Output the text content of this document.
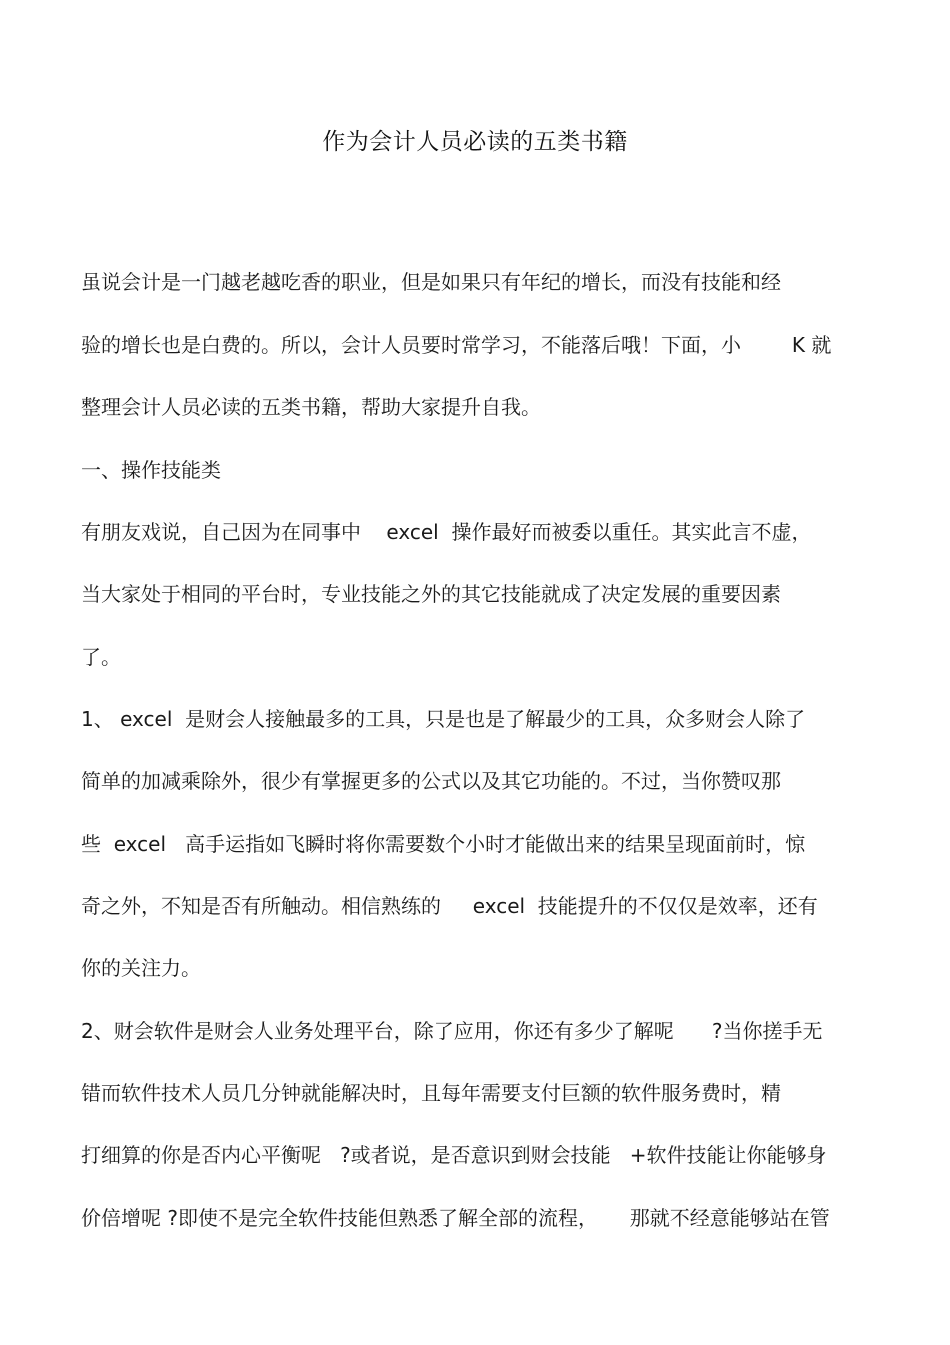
作为会计人员必读的五类书籍
虽说会计是一门越老越吃香的职业，但是如果只有年纪的增长，而没有技能和经
验的增长也是白费的。所以，会计人员要时常学习，不能落后哦！下面，小        K 就
整理会计人员必读的五类书籍，帮助大家提升自我。
一、操作技能类
有朋友戏说，自己因为在同事中    excel  操作最好而被委以重任。其实此言不虚，
当大家处于相同的平台时，专业技能之外的其它技能就成了决定发展的重要因素
了。
1、 excel  是财会人接触最多的工具，只是也是了解最少的工具，众多财会人除了
简单的加减乘除外，很少有掌握更多的公式以及其它功能的。不过，当你赞叹那
些  excel   高手运指如飞瞬时将你需要数个小时才能做出来的结果呈现面前时，惊
奇之外，不知是否有所触动。相信熟练的     excel  技能提升的不仅仅是效率，还有
你的关注力。
2、财会软件是财会人业务处理平台，除了应用，你还有多少了解呢      ?当你搓手无
错而软件技术人员几分钟就能解决时，且每年需要支付巨额的软件服务费时，精
打细算的你是否内心平衡呢   ?或者说，是否意识到财会技能   +软件技能让你能够身
价倍增呢 ?即使不是完全软件技能但熟悉了解全部的流程，     那就不经意能够站在管
